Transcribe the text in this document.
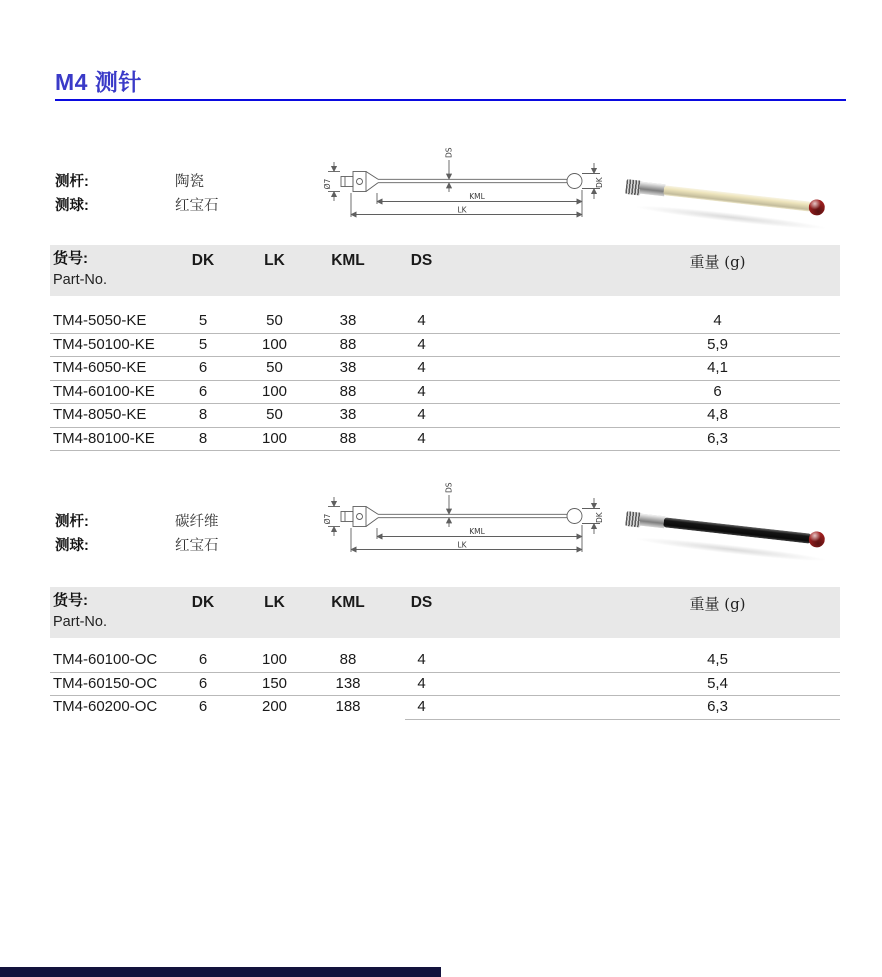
M4 测针
测杆:	陶瓷
测球:	红宝石
Ø7
DS
DK
KML
LK
货号:
Part-No.
DK	LK	KML	DS	重量 (g)
TM4-5050-KE	5	50	38	4	4
TM4-50100-KE	5	100	88	4	5,9
TM4-6050-KE	6	50	38	4	4,1
TM4-60100-KE	6	100	88	4	6
TM4-8050-KE	8	50	38	4	4,8
TM4-80100-KE	8	100	88	4	6,3
测杆:	碳纤维
测球:	红宝石
Ø7
DS
DK
KML
LK
货号:
Part-No.
DK	LK	KML	DS	重量 (g)
TM4-60100-OC	6	100	88	4	4,5
TM4-60150-OC	6	150	138	4	5,4
TM4-60200-OC	6	200	188	4	6,3
